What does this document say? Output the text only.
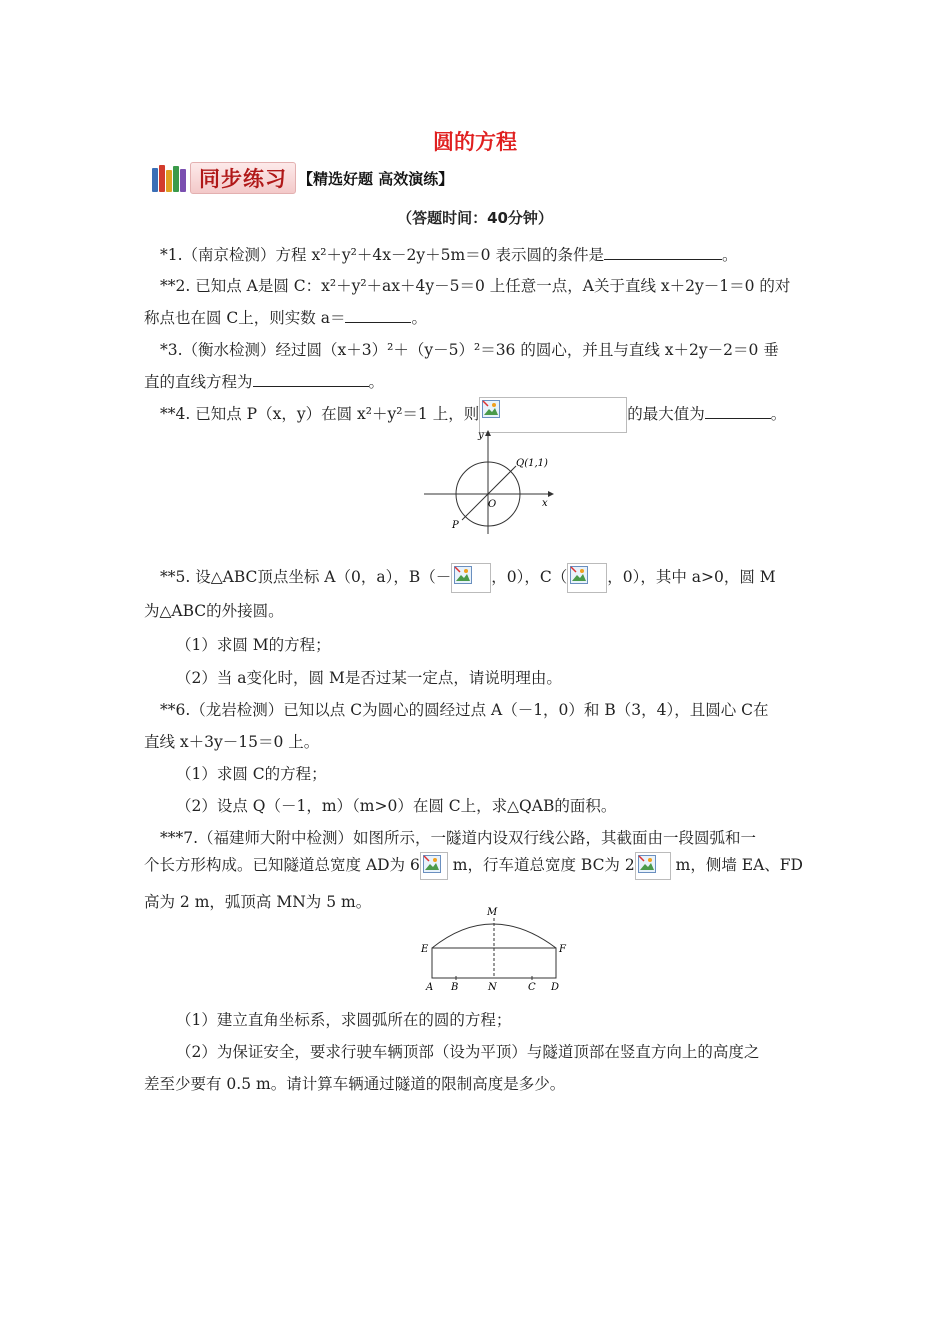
圆的方程
同步练习 【精选好题 高效演练】
（答题时间：40分钟）
*1.（南京检测）方程 x²＋y²＋4x－2y＋5m＝0 表示圆的条件是	。
**2. 已知点 A是圆 C：x²＋y²＋ax＋4y－5＝0 上任意一点，A关于直线 x＋2y－1＝0 的对
称点也在圆 C上，则实数 a＝	。
*3.（衡水检测）经过圆（x＋3）²＋（y－5）²＝36 的圆心，并且与直线 x＋2y－2＝0 垂
直的直线方程为	。
**4. 已知点 P（x，y）在圆 x²＋y²＝1 上，则	的最大值为	。
y
x
O
Q(1,1)
P
**5. 设△ABC顶点坐标 A（0，a），B（－	，0），C（	，0），其中 a>0，圆 M
为△ABC的外接圆。
（1）求圆 M的方程；
（2）当 a变化时，圆 M是否过某一定点，请说明理由。
**6.（龙岩检测）已知以点 C为圆心的圆经过点 A（－1，0）和 B（3，4），且圆心 C在
直线 x＋3y－15＝0 上。
（1）求圆 C的方程；
（2）设点 Q（－1，m）（m>0）在圆 C上，求△QAB的面积。
***7.（福建师大附中检测）如图所示，一隧道内设双行线公路，其截面由一段圆弧和一
个长方形构成。已知隧道总宽度 AD为 6
m，行车道总宽度 BC为 2
m，侧墙 EA、FD
高为 2 m，弧顶高 MN为 5 m。
M
E	F
A B	N	C D
（1）建立直角坐标系，求圆弧所在的圆的方程；
（2）为保证安全，要求行驶车辆顶部（设为平顶）与隧道顶部在竖直方向上的高度之
差至少要有 0.5 m。请计算车辆通过隧道的限制高度是多少。
